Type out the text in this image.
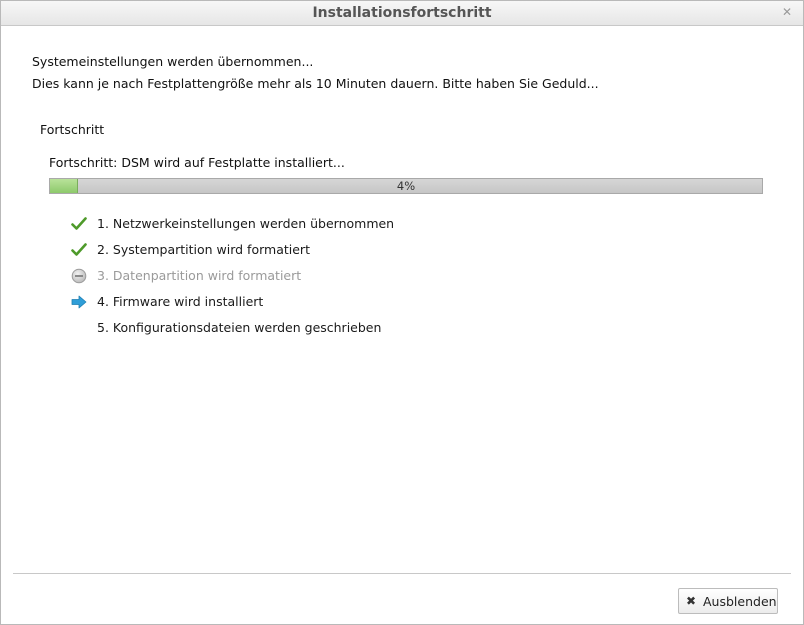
Installationsfortschritt	✕
Systemeinstellungen werden übernommen...
Dies kann je nach Festplattengröße mehr als 10 Minuten dauern. Bitte haben Sie Geduld...
Fortschritt
Fortschritt: DSM wird auf Festplatte installiert...
4%
1. Netzwerkeinstellungen werden übernommen
2. Systempartition wird formatiert
3. Datenpartition wird formatiert
4. Firmware wird installiert
5. Konfigurationsdateien werden geschrieben
✖ Ausblenden
